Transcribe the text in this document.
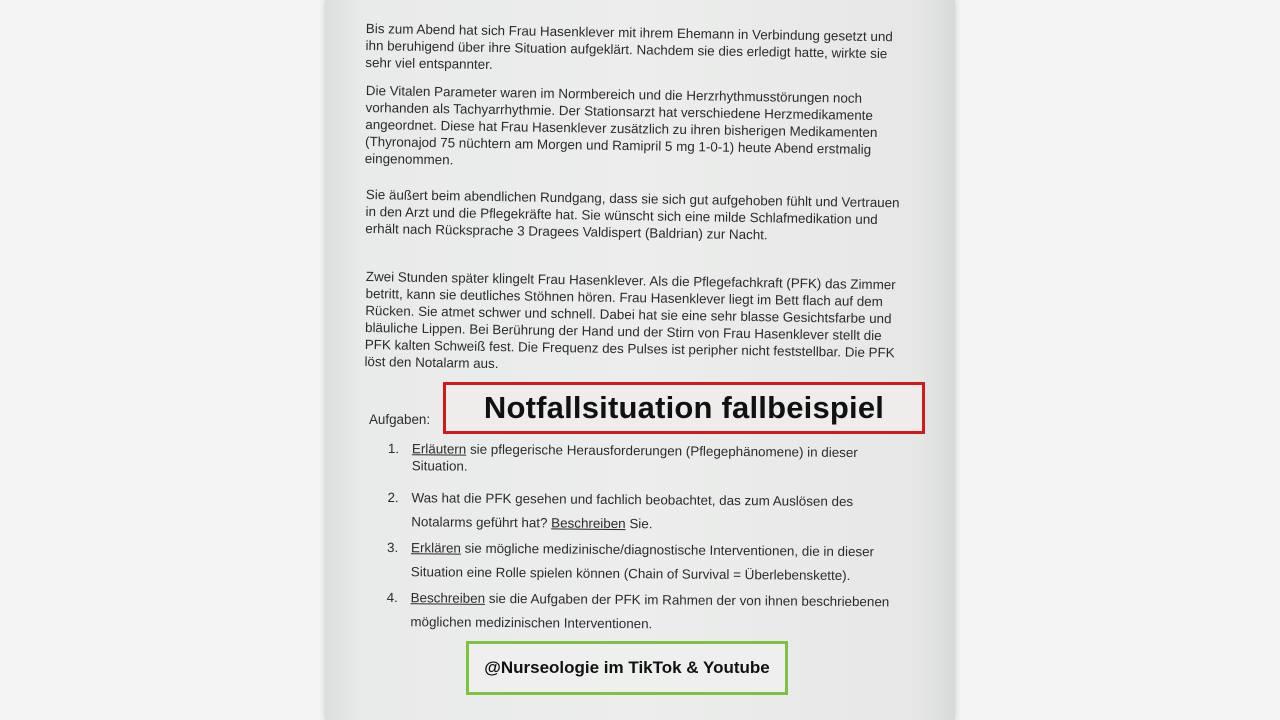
Bis zum Abend hat sich Frau Hasenklever mit ihrem Ehemann in Verbindung gesetzt und ihn beruhigend über ihre Situation aufgeklärt. Nachdem sie dies erledigt hatte, wirkte sie sehr viel entspannter.

Die Vitalen Parameter waren im Normbereich und die Herzrhythmusstörungen noch vorhanden als Tachyarrhythmie. Der Stationsarzt hat verschiedene Herzmedikamente angeordnet. Diese hat Frau Hasenklever zusätzlich zu ihren bisherigen Medikamenten (Thyronajod 75 nüchtern am Morgen und Ramipril 5 mg 1-0-1) heute Abend erstmalig eingenommen.

Sie äußert beim abendlichen Rundgang, dass sie sich gut aufgehoben fühlt und Vertrauen in den Arzt und die Pflegekräfte hat. Sie wünscht sich eine milde Schlafmedikation und erhält nach Rücksprache 3 Dragees Valdispert (Baldrian) zur Nacht.

Zwei Stunden später klingelt Frau Hasenklever. Als die Pflegefachkraft (PFK) das Zimmer betritt, kann sie deutliches Stöhnen hören. Frau Hasenklever liegt im Bett flach auf dem Rücken. Sie atmet schwer und schnell. Dabei hat sie eine sehr blasse Gesichtsfarbe und bläuliche Lippen. Bei Berührung der Hand und der Stirn von Frau Hasenklever stellt die PFK kalten Schweiß fest. Die Frequenz des Pulses ist peripher nicht feststellbar. Die PFK löst den Notalarm aus.

Aufgaben:
1. Erläutern sie pflegerische Herausforderungen (Pflegephänomene) in dieser Situation.
2. Was hat die PFK gesehen und fachlich beobachtet, das zum Auslösen des Notalarms geführt hat? Beschreiben Sie.
3. Erklären sie mögliche medizinische/diagnostische Interventionen, die in dieser Situation eine Rolle spielen können (Chain of Survival = Überlebenskette).
4. Beschreiben sie die Aufgaben der PFK im Rahmen der von ihnen beschriebenen möglichen medizinischen Interventionen.
Notfallsituation fallbeispiel
@Nurseologie im TikTok & Youtube
